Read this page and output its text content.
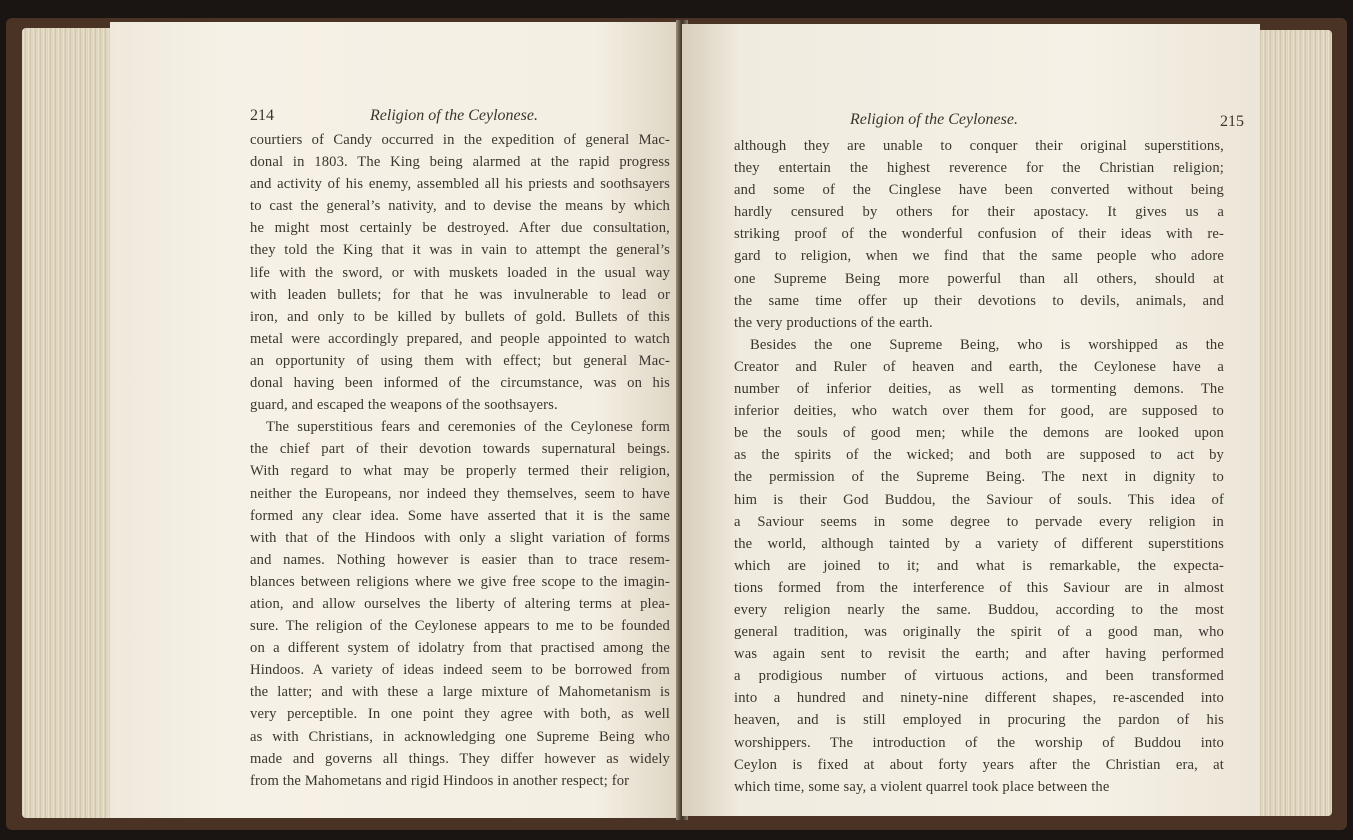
214	Religion of the Ceylonese.
courtiers of Candy occurred in the expedition of general Mac-
donal in 1803. The King being alarmed at the rapid progress
and activity of his enemy, assembled all his priests and soothsayers
to cast the general’s nativity, and to devise the means by which
he might most certainly be destroyed. After due consultation,
they told the King that it was in vain to attempt the general’s
life with the sword, or with muskets loaded in the usual way
with leaden bullets; for that he was invulnerable to lead or
iron, and only to be killed by bullets of gold. Bullets of this
metal were accordingly prepared, and people appointed to watch
an opportunity of using them with effect; but general Mac-
donal having been informed of the circumstance, was on his
guard, and escaped the weapons of the soothsayers.
The superstitious fears and ceremonies of the Ceylonese form
the chief part of their devotion towards supernatural beings.
With regard to what may be properly termed their religion,
neither the Europeans, nor indeed they themselves, seem to have
formed any clear idea. Some have asserted that it is the same
with that of the Hindoos with only a slight variation of forms
and names. Nothing however is easier than to trace resem-
blances between religions where we give free scope to the imagin-
ation, and allow ourselves the liberty of altering terms at plea-
sure. The religion of the Ceylonese appears to me to be founded
on a different system of idolatry from that practised among the
Hindoos. A variety of ideas indeed seem to be borrowed from
the latter; and with these a large mixture of Mahometanism is
very perceptible. In one point they agree with both, as well
as with Christians, in acknowledging one Supreme Being who
made and governs all things. They differ however as widely
from the Mahometans and rigid Hindoos in another respect; for
Religion of the Ceylonese.	215
although they are unable to conquer their original superstitions,
they entertain the highest reverence for the Christian religion;
and some of the Cinglese have been converted without being
hardly censured by others for their apostacy. It gives us a
striking proof of the wonderful confusion of their ideas with re-
gard to religion, when we find that the same people who adore
one Supreme Being more powerful than all others, should at
the same time offer up their devotions to devils, animals, and
the very productions of the earth.
Besides the one Supreme Being, who is worshipped as the
Creator and Ruler of heaven and earth, the Ceylonese have a
number of inferior deities, as well as tormenting demons. The
inferior deities, who watch over them for good, are supposed to
be the souls of good men; while the demons are looked upon
as the spirits of the wicked; and both are supposed to act by
the permission of the Supreme Being. The next in dignity to
him is their God Buddou, the Saviour of souls. This idea of
a Saviour seems in some degree to pervade every religion in
the world, although tainted by a variety of different superstitions
which are joined to it; and what is remarkable, the expecta-
tions formed from the interference of this Saviour are in almost
every religion nearly the same. Buddou, according to the most
general tradition, was originally the spirit of a good man, who
was again sent to revisit the earth; and after having performed
a prodigious number of virtuous actions, and been transformed
into a hundred and ninety-nine different shapes, re-ascended into
heaven, and is still employed in procuring the pardon of his
worshippers. The introduction of the worship of Buddou into
Ceylon is fixed at about forty years after the Christian era, at
which time, some say, a violent quarrel took place between the
